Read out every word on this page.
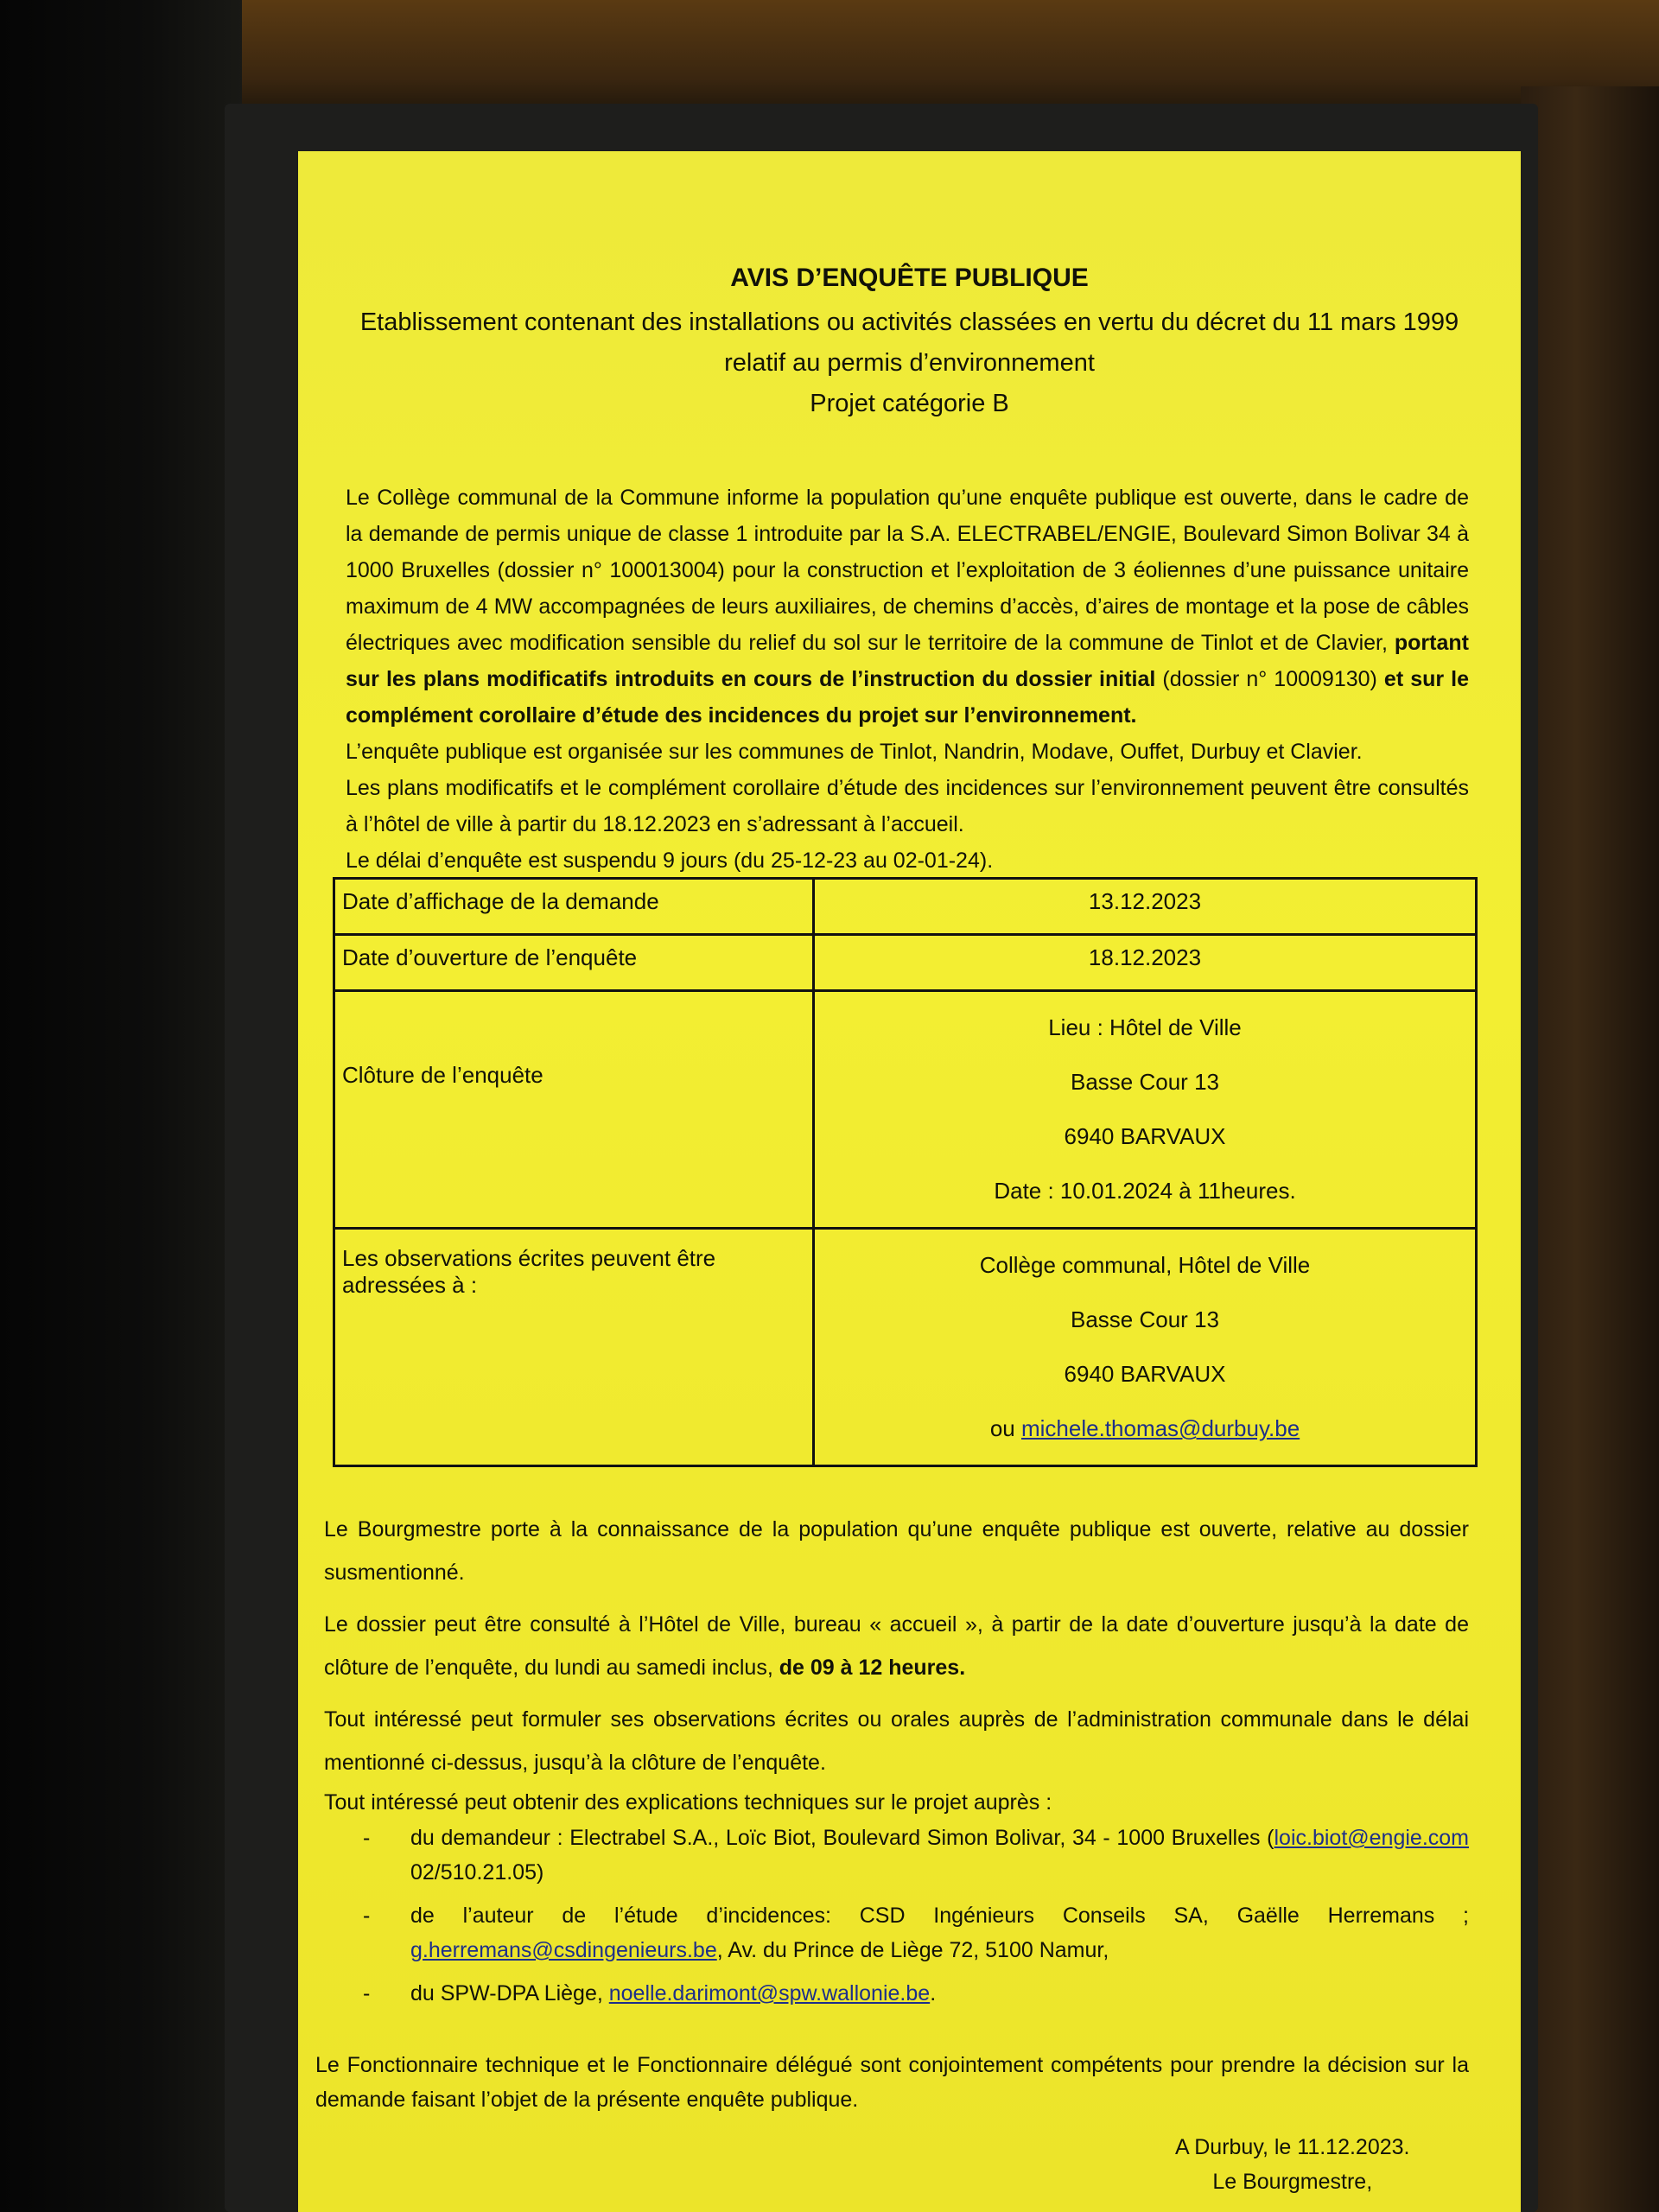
AVIS D’ENQUÊTE PUBLIQUE
Etablissement contenant des installations ou activités classées en vertu du décret du 11 mars 1999
relatif au permis d’environnement
Projet catégorie B

Le Collège communal de la Commune informe la population qu’une enquête publique est ouverte, dans le cadre de la demande de permis unique de classe 1 introduite par la S.A. ELECTRABEL/ENGIE, Boulevard Simon Bolivar 34 à 1000 Bruxelles (dossier n° 100013004) pour la construction et l’exploitation de 3 éoliennes d’une puissance unitaire maximum de 4 MW accompagnées de leurs auxiliaires, de chemins d’accès, d’aires de montage et la pose de câbles électriques avec modification sensible du relief du sol sur le territoire de la commune de Tinlot et de Clavier, portant sur les plans modificatifs introduits en cours de l’instruction du dossier initial (dossier n° 10009130) et sur le complément corollaire d’étude des incidences du projet sur l’environnement.

L’enquête publique est organisée sur les communes de Tinlot, Nandrin, Modave, Ouffet, Durbuy et Clavier.

Les plans modificatifs et le complément corollaire d’étude des incidences sur l’environnement peuvent être consultés à l’hôtel de ville à partir du 18.12.2023 en s’adressant à l’accueil.

Le délai d’enquête est suspendu 9 jours (du 25-12-23 au 02-01-24).

Date d’affichage de la demande	13.12.2023
Date d’ouverture de l’enquête	18.12.2023
Clôture de l’enquête	Lieu : Hôtel de Ville
Basse Cour 13
6940 BARVAUX
Date : 10.01.2024 à 11heures.

Les observations écrites peuvent être adressées à :	Collège communal, Hôtel de Ville
Basse Cour 13
6940 BARVAUX
ou michele.thomas@durbuy.be

Le Bourgmestre porte à la connaissance de la population qu’une enquête publique est ouverte, relative au dossier susmentionné.

Le dossier peut être consulté à l’Hôtel de Ville, bureau « accueil », à partir de la date d’ouverture jusqu’à la date de clôture de l’enquête, du lundi au samedi inclus, de 09 à 12 heures.

Tout intéressé peut formuler ses observations écrites ou orales auprès de l’administration communale dans le délai mentionné ci-dessus, jusqu’à la clôture de l’enquête.

Tout intéressé peut obtenir des explications techniques sur le projet auprès :

- du demandeur : Electrabel S.A., Loïc Biot, Boulevard Simon Bolivar, 34 - 1000 Bruxelles (loic.biot@engie.com 02/510.21.05)
- de l’auteur de l’étude d’incidences: CSD Ingénieurs Conseils SA, Gaëlle Herremans ; g.herremans@csdingenieurs.be, Av. du Prince de Liège 72, 5100 Namur,
- du SPW-DPA Liège, noelle.darimont@spw.wallonie.be.
Le Fonctionnaire technique et le Fonctionnaire délégué sont conjointement compétents pour prendre la décision sur la demande faisant l’objet de la présente enquête publique.
A Durbuy, le 11.12.2023.
Le Bourgmestre,
